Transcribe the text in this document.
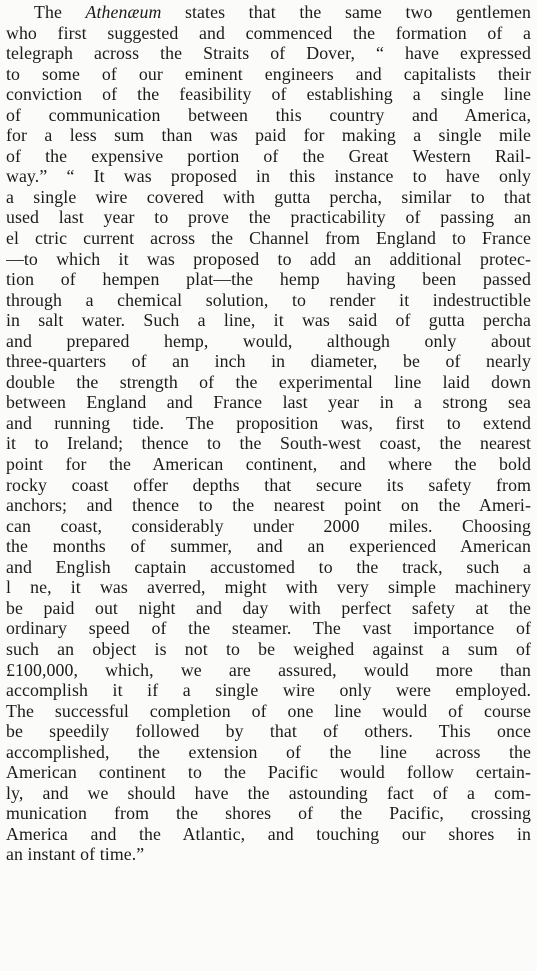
The Athenæum states that the same two gentlemen
who first suggested and commenced the formation of a
telegraph across the Straits of Dover, “ have expressed
to some of our eminent engineers and capitalists their
conviction of the feasibility of establishing a single line
of communication between this country and America,
for a less sum than was paid for making a single mile
of the expensive portion of the Great Western Rail-
way.” “ It was proposed in this instance to have only
a single wire covered with gutta percha, similar to that
used last year to prove the practicability of passing an
el ctric current across the Channel from England to France
—to which it was proposed to add an additional protec-
tion of hempen plat—the hemp having been passed
through a chemical solution, to render it indestructible
in salt water. Such a line, it was said of gutta percha
and prepared hemp, would, although only about
three-quarters of an inch in diameter, be of nearly
double the strength of the experimental line laid down
between England and France last year in a strong sea
and running tide. The proposition was, first to extend
it to Ireland; thence to the South-west coast, the nearest
point for the American continent, and where the bold
rocky coast offer depths that secure its safety from
anchors; and thence to the nearest point on the Ameri-
can coast, considerably under 2000 miles. Choosing
the months of summer, and an experienced American
and English captain accustomed to the track, such a
l ne, it was averred, might with very simple machinery
be paid out night and day with perfect safety at the
ordinary speed of the steamer. The vast importance of
such an object is not to be weighed against a sum of
£100,000, which, we are assured, would more than
accomplish it if a single wire only were employed.
The successful completion of one line would of course
be speedily followed by that of others. This once
accomplished, the extension of the line across the
American continent to the Pacific would follow certain-
ly, and we should have the astounding fact of a com-
munication from the shores of the Pacific, crossing
America and the Atlantic, and touching our shores in
an instant of time.”
